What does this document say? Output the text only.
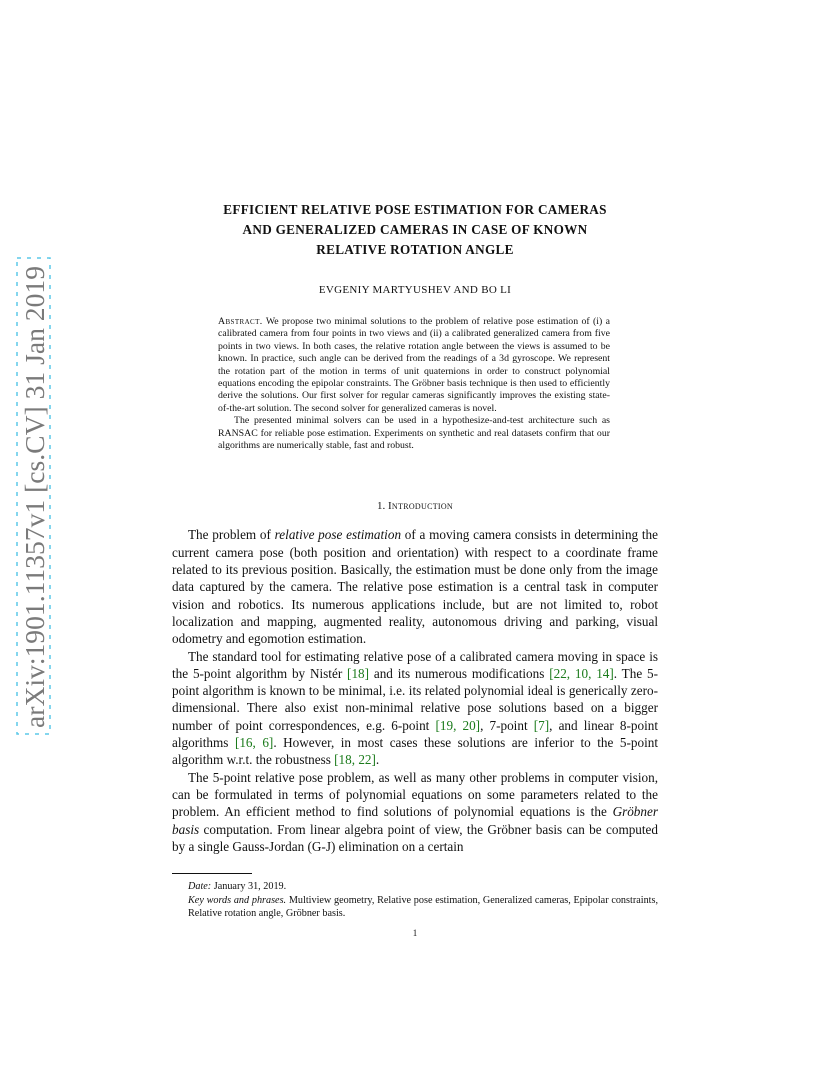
arXiv:1901.11357v1 [cs.CV] 31 Jan 2019
EFFICIENT RELATIVE POSE ESTIMATION FOR CAMERAS
AND GENERALIZED CAMERAS IN CASE OF KNOWN
RELATIVE ROTATION ANGLE
EVGENIY MARTYUSHEV AND BO LI

Abstract. We propose two minimal solutions to the problem of relative pose estimation of (i) a calibrated camera from four points in two views and (ii) a calibrated generalized camera from five points in two views. In both cases, the relative rotation angle between the views is assumed to be known. In practice, such angle can be derived from the readings of a 3d gyroscope. We represent the rotation part of the motion in terms of unit quaternions in order to construct polynomial equations encoding the epipolar constraints. The Gröbner basis technique is then used to efficiently derive the solutions. Our first solver for regular cameras significantly improves the existing state-of-the-art solution. The second solver for generalized cameras is novel.

The presented minimal solvers can be used in a hypothesize-and-test architecture such as RANSAC for reliable pose estimation. Experiments on synthetic and real datasets confirm that our algorithms are numerically stable, fast and robust.

1. Introduction

The problem of relative pose estimation of a moving camera consists in determining the current camera pose (both position and orientation) with respect to a coordinate frame related to its previous position. Basically, the estimation must be done only from the image data captured by the camera. The relative pose estimation is a central task in computer vision and robotics. Its numerous applications include, but are not limited to, robot localization and mapping, augmented reality, autonomous driving and parking, visual odometry and egomotion estimation.

The standard tool for estimating relative pose of a calibrated camera moving in space is the 5-point algorithm by Nistér [18] and its numerous modifications [22, 10, 14]. The 5-point algorithm is known to be minimal, i.e. its related polynomial ideal is generically zero-dimensional. There also exist non-minimal relative pose solutions based on a bigger number of point correspondences, e.g. 6-point [19, 20], 7-point [7], and linear 8-point algorithms [16, 6]. However, in most cases these solutions are inferior to the 5-point algorithm w.r.t. the robustness [18, 22].

The 5-point relative pose problem, as well as many other problems in computer vision, can be formulated in terms of polynomial equations on some parameters related to the problem. An efficient method to find solutions of polynomial equations is the Gröbner basis computation. From linear algebra point of view, the Gröbner basis can be computed by a single Gauss-Jordan (G-J) elimination on a certain

Date: January 31, 2019.

Key words and phrases. Multiview geometry, Relative pose estimation, Generalized cameras, Epipolar constraints, Relative rotation angle, Gröbner basis.

1
